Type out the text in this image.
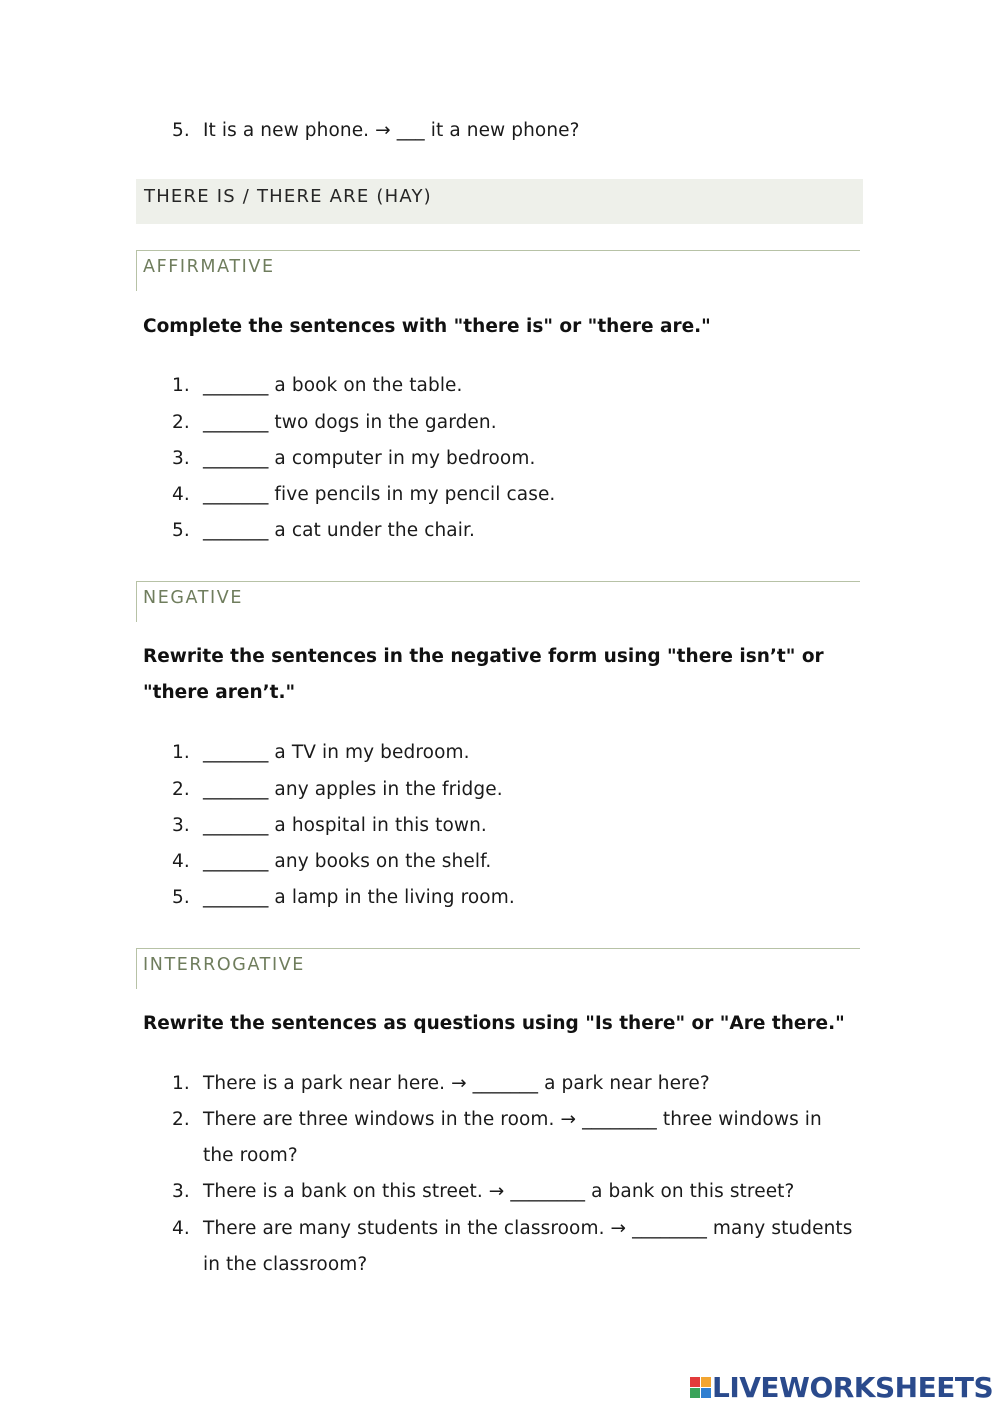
5. It is a new phone. → ___ it a new phone?
THERE IS / THERE ARE (HAY)
AFFIRMATIVE
Complete the sentences with "there is" or "there are."
1. _______ a book on the table.
2. _______ two dogs in the garden.
3. _______ a computer in my bedroom.
4. _______ five pencils in my pencil case.
5. _______ a cat under the chair.
NEGATIVE
Rewrite the sentences in the negative form using "there isn’t" or "there aren’t."
1. _______ a TV in my bedroom.
2. _______ any apples in the fridge.
3. _______ a hospital in this town.
4. _______ any books on the shelf.
5. _______ a lamp in the living room.
INTERROGATIVE
Rewrite the sentences as questions using "Is there" or "Are there."
1. There is a park near here. → _______ a park near here?
2. There are three windows in the room. → ________ three windows in the room?
3. There is a bank on this street. → ________ a bank on this street?
4. There are many students in the classroom. → ________ many students in the classroom?
LIVEWORKSHEETS
